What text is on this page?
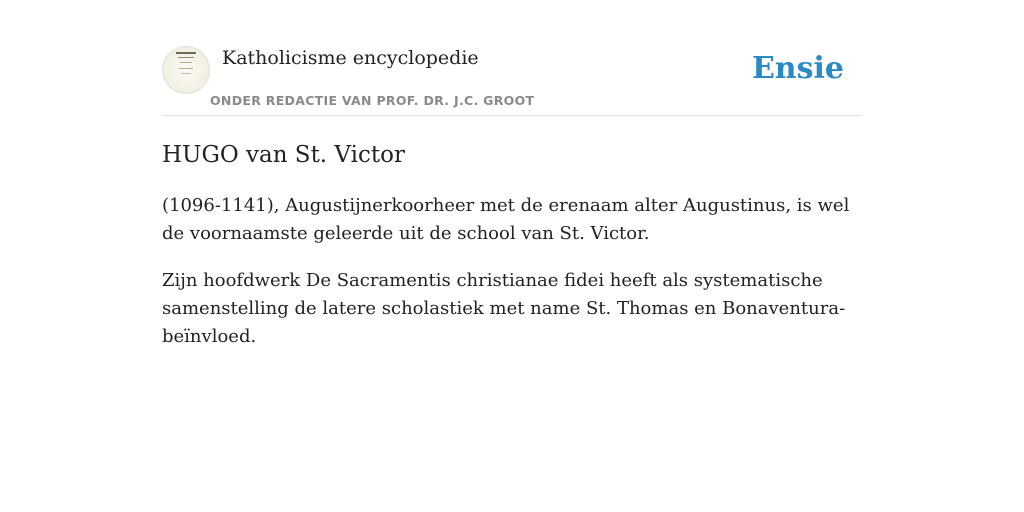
Katholicisme encyclopedie
ONDER REDACTIE VAN PROF. DR. J.C. GROOT
Ensie
HUGO van St. Victor

(1096-1141), Augustijnerkoorheer met de erenaam alter Augustinus, is wel de voornaamste geleerde uit de school van St. Victor.

Zijn hoofdwerk De Sacramentis christianae fidei heeft als systematische samenstelling de latere scholastiek met name St. Thomas en Bonaventura-beïnvloed.
